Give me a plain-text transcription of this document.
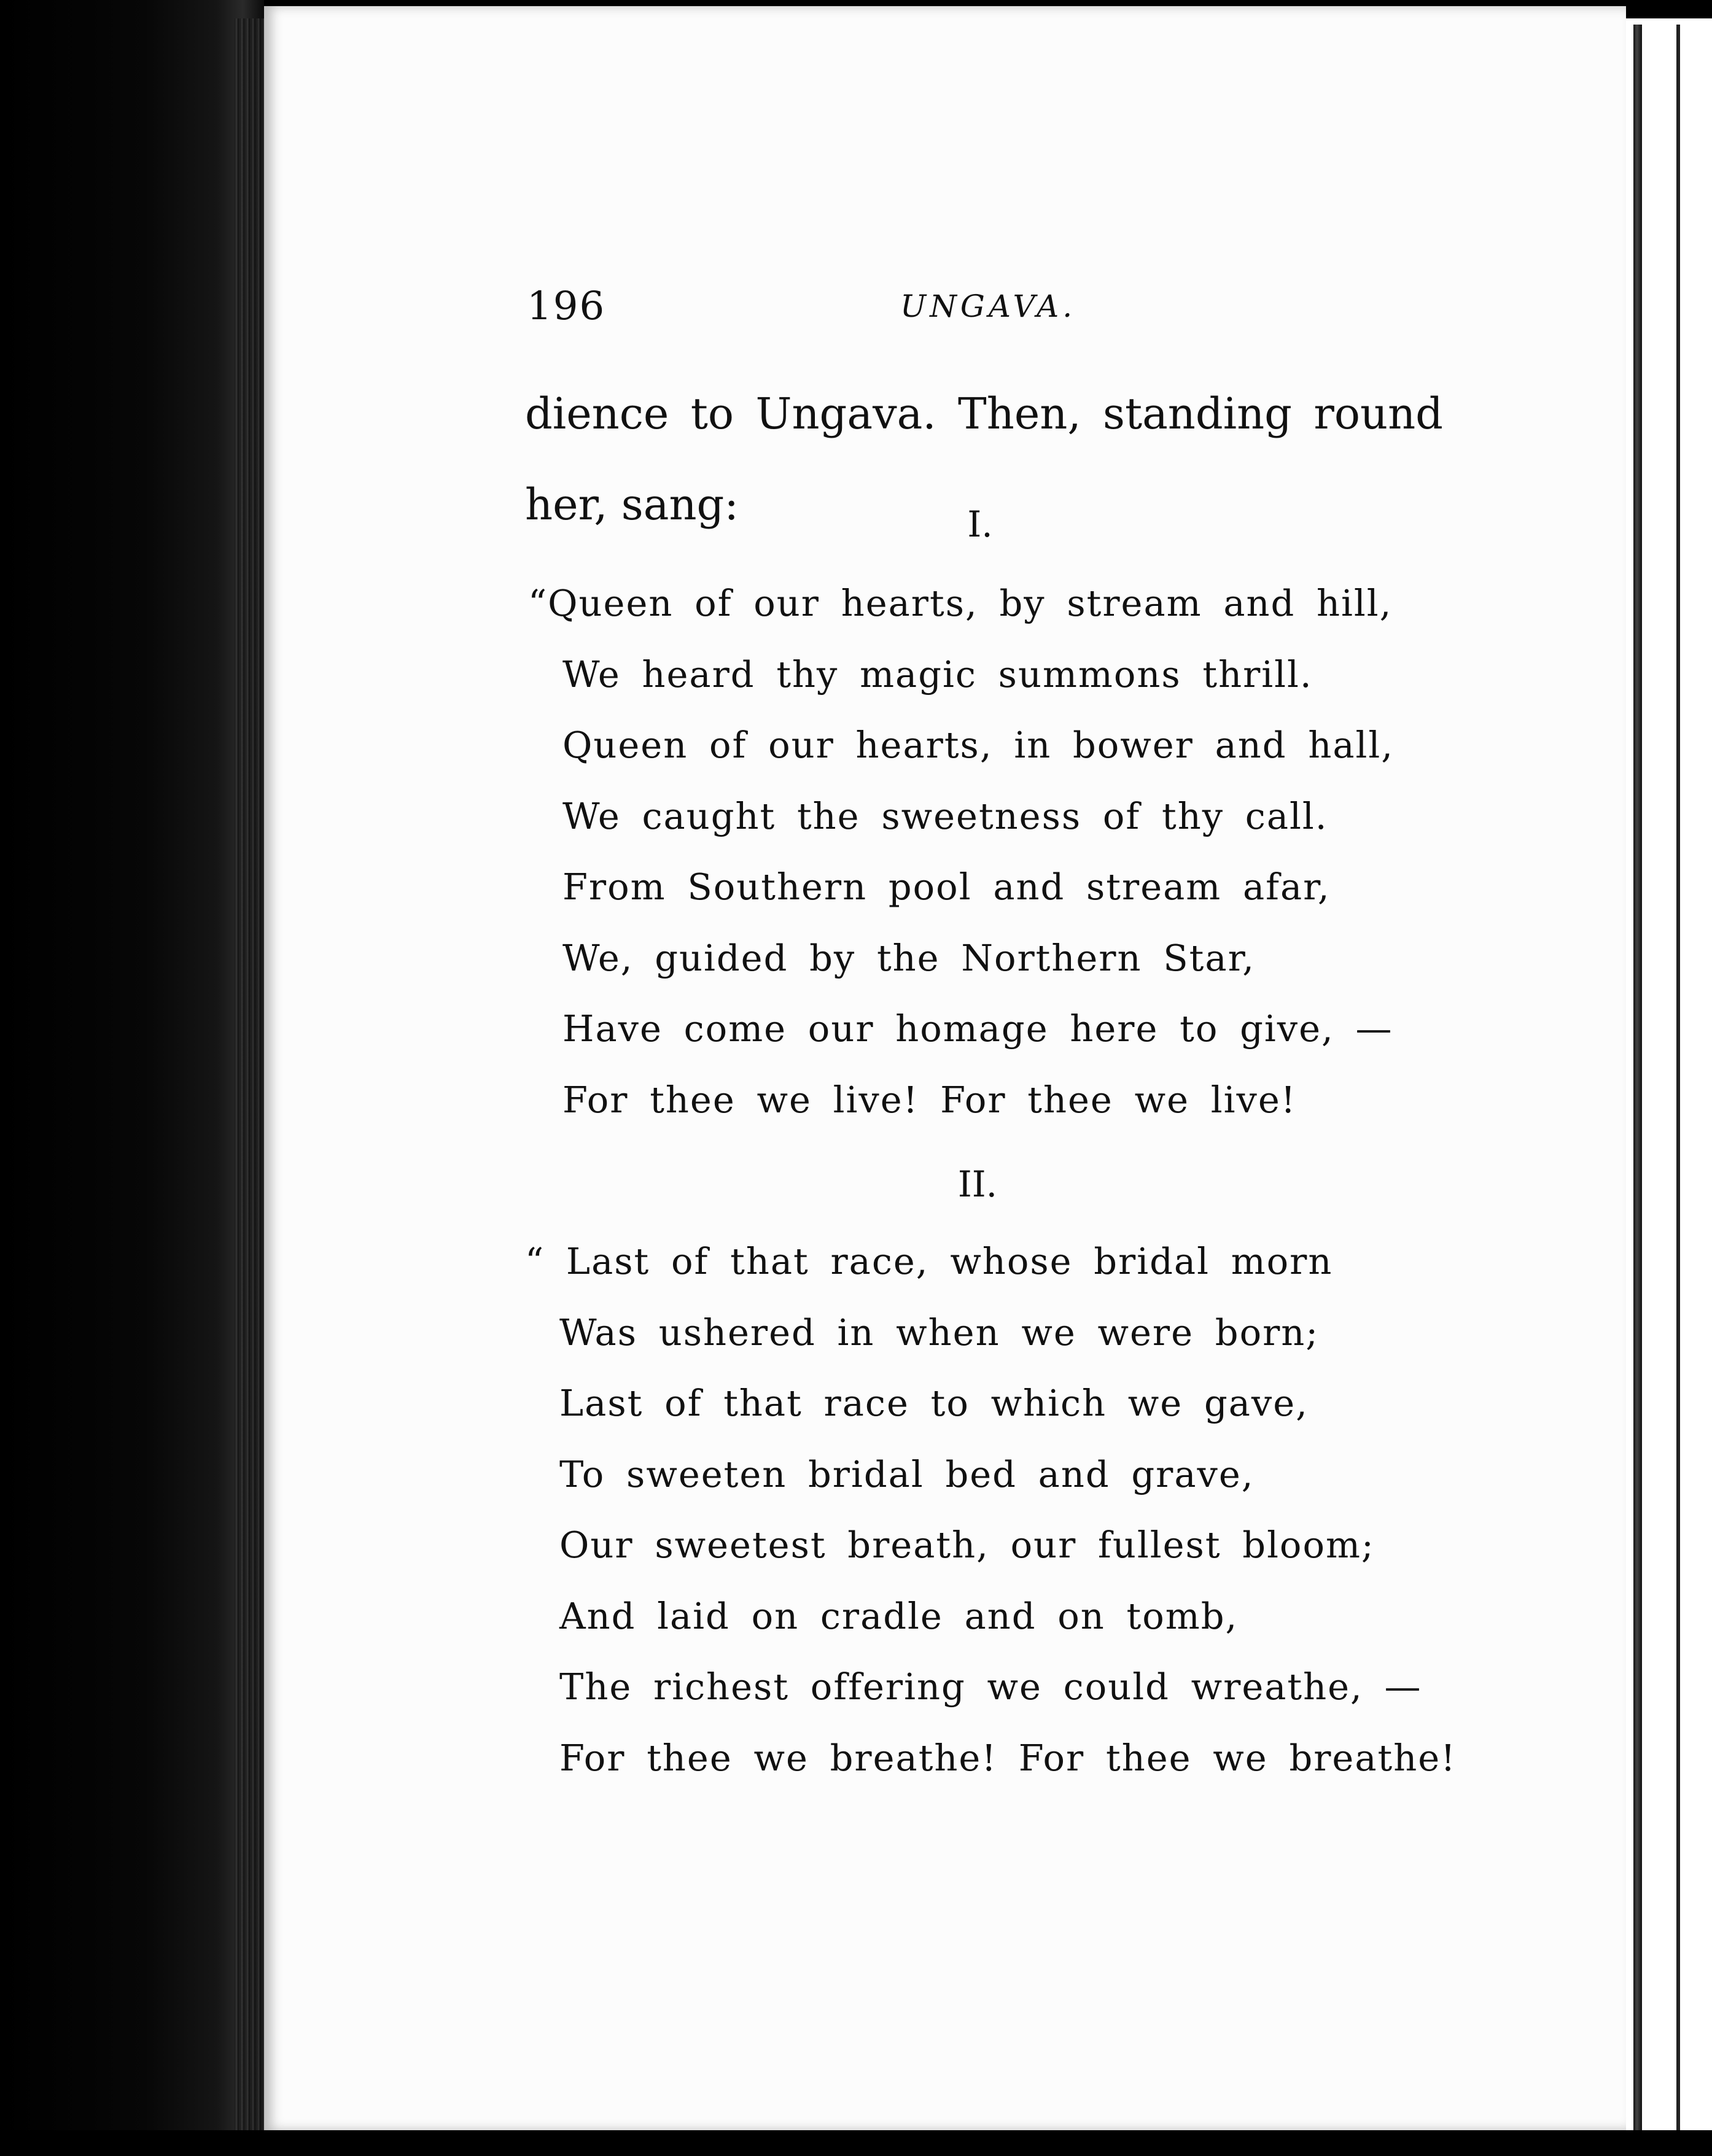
196	UNGAVA.
dience to Ungava. Then, standing round
her, sang:	I.
“Queen of our hearts, by stream and hill,
We heard thy magic summons thrill.
Queen of our hearts, in bower and hall,
We caught the sweetness of thy call.
From Southern pool and stream afar,
We, guided by the Northern Star,
Have come our homage here to give, —
For thee we live! For thee we live!
II.
“ Last of that race, whose bridal morn
Was ushered in when we were born;
Last of that race to which we gave,
To sweeten bridal bed and grave,
Our sweetest breath, our fullest bloom;
And laid on cradle and on tomb,
The richest offering we could wreathe, —
For thee we breathe! For thee we breathe!
